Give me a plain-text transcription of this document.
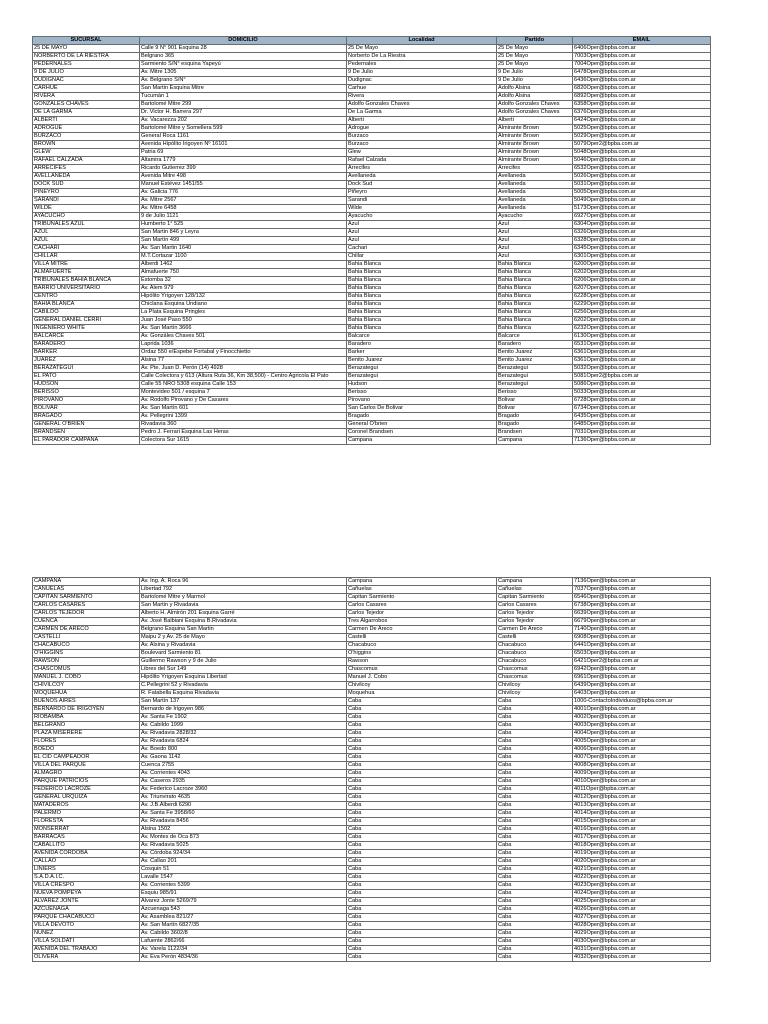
SUCURSAL	DOMICILIO	Localidad	Partido	EMAIL
25 DE MAYO	Calle 9 N° 901 Esquina 28	25 De Mayo	25 De Mayo	6406Oper@bpba.com.ar
NORBERTO DE LA RIESTRA	Belgrano 365	Norberto De La Riestra	25 De Mayo	7003Oper@bpba.com.ar
PEDERNALES	Sarmiento S/N° esquina Yapeyú	Pedernales	25 De Mayo	7004Oper@bpba.com.ar
9 DE JULIO	Av. Mitre 1305	9 De Julio	9 De Julio	6478Oper@bpba.com.ar
DUDIGNAC	Av. Belgrano S/N°	Dudignac	9 De Julio	6436Oper@bpba.com.ar
CARHUE	San Martin Esquina Mitre	Carhue	Adolfo Alsina	6820Oper@bpba.com.ar
RIVERA	Tucumán 1	Rivera	Adolfo Alsina	6892Oper@bpba.com.ar
GONZALES CHAVES	Bartolomé Mitre 299	Adolfo Gonzales Chaves	Adolfo Gonzales Chaves	6358Oper@bpba.com.ar
DE LA GARMA	Dr. Victor H. Barrera 297	De La Garma	Adolfo Gonzales Chaves	6376Oper@bpba.com.ar
ALBERTI	Av. Vacarezza 202	Alberti	Alberti	6424Oper@bpba.com.ar
ADROGUE	Bartolomé Mitre y Somellera 599	Adrogue	Almirante Brown	5025Oper@bpba.com.ar
BURZACO	General Roca 1161	Burzaco	Almirante Brown	5029Oper@bpba.com.ar
BROWN	Avenida Hipólito Irigoyen Nº 16101	Burzaco	Almirante Brown	5079Oper2@bpba.com.ar
GLEW	Patria 69	Glew	Almirante Brown	5048Oper@bpba.com.ar
RAFAEL CALZADA	Altamira 1779	Rafael Calzada	Almirante Brown	5046Oper@bpba.com.ar
ARRECIFES	Ricardo Gutierrez 399	Arrecifes	Arrecifes	6532Oper@bpba.com.ar
AVELLANEDA	Avenida Mitre 498	Avellaneda	Avellaneda	5026Oper@bpba.com.ar
DOCK SUD	Manuel Estévez 1451/55	Dock Sud	Avellaneda	5031Oper@bpba.com.ar
PIÑEYRO	Av. Galicia 776	Piñeyro	Avellaneda	5005Oper@bpba.com.ar
SARANDI	Av. Mitre 2567	Sarandi	Avellaneda	5049Oper@bpba.com.ar
WILDE	Av. Mitre 6458	Wilde	Avellaneda	5173Oper@bpba.com.ar
AYACUCHO	9 de Julio 1121	Ayacucho	Ayacucho	6927Oper@bpba.com.ar
TRIBUNALES AZUL	Humberto 1° 525	Azul	Azul	6304Oper@bpba.com.ar
AZUL	San Martin 846 y Leyra	Azul	Azul	6326Oper@bpba.com.ar
AZUL	San Martín 499	Azul	Azul	6328Oper@bpba.com.ar
CACHARI	Av. San Martin 1640	Cachari	Azul	6345Oper@bpba.com.ar
CHILLAR	M.T.Cortazar 1100	Chillar	Azul	6301Oper@bpba.com.ar
VILLA MITRE	Alberdi 1462	Bahia Blanca	Bahia Blanca	6200Oper@bpba.com.ar
ALMAFUERTE	Almafuerte 750	Bahia Blanca	Bahia Blanca	6202Oper@bpba.com.ar
TRIBUNALES BAHIA BLANCA	Estomba 32	Bahia Blanca	Bahia Blanca	6206Oper@bpba.com.ar
BARRIO UNIVERSITARIO	Av. Alem 979	Bahia Blanca	Bahia Blanca	6207Oper@bpba.com.ar
CENTRO	Hipólito Yrigoyen 128/132	Bahia Blanca	Bahia Blanca	6228Oper@bpba.com.ar
BAHIA BLANCA	Chiclana Esquina Undiano	Bahia Blanca	Bahia Blanca	6229Oper@bpba.com.ar
CABILDO	La Plata Esquina Pringles	Bahia Blanca	Bahia Blanca	6256Oper@bpba.com.ar
GENERAL DANIEL CERRI	Juan José Paso 550	Bahia Blanca	Bahia Blanca	6202Oper@bpba.com.ar
INGENIERO WHITE	Av. San Martín 3666	Bahia Blanca	Bahia Blanca	6232Oper@bpba.com.ar
BALCARCE	Av. Gonzáles Chaves 501	Balcarce	Balcarce	6130Oper@bpba.com.ar
BARADERO	Laprida 1036	Baradero	Baradero	6531Oper@bpba.com.ar
BARKER	Ordaz 550 e/Espebe Fortabal y Finocchietto	Barker	Benito Juarez	6361Oper@bpba.com.ar
JUAREZ	Alsina 77	Benito Juarez	Benito Juarez	6361Oper@bpba.com.ar
BERAZATEGUI	Av. Pte. Juan D. Perón (14) 4928	Berazategui	Berazategui	5032Oper@bpba.com.ar
EL PATO	Calle Colectora y 613 (Altura Ruta 36, Km 38,500) - Centro Agricola El Pato	Berazategui	Berazategui	5081Oper2@bpba.com.ar
HUDSON	Calle 55 NRO 5308 esquina Calle 153	Hudson	Berazategui	5086Oper@bpba.com.ar
BERISSO	Montevideo 501 / esquina 7	Berisso	Berisso	5033Oper@bpba.com.ar
PIROVANO	Av. Rodolfo Pirovano y De Casares	Pirovano	Bolivar	6728Oper@bpba.com.ar
BOLIVAR	Av. San Martín 601	San Carlos De Bolivar	Bolivar	6734Oper@bpba.com.ar
BRAGADO	Av. Pellegrini 1399	Bragado	Bragado	6435Oper@bpba.com.ar
GENERAL O'BRIEN	Rivadavia 360	General O'brien	Bragado	6485Oper@bpba.com.ar
BRANDSEN	Pedro J. Ferrari Esquina Las Heras	Coronel Brandsen	Brandsen	7031Oper@bpba.com.ar
EL PARADOR CAMPANA	Colectora Sur 1615	Campana	Campana	7136Oper@bpba.com.ar
CAMPANA	Av. Ing. A. Roca 96	Campana	Campana	7136Oper@bpba.com.ar
CAÑUELAS	Libertad 792	Cañuelas	Cañuelas	7037Oper@bpba.com.ar
CAPITAN SARMIENTO	Bartolomé Mitre y Marmol	Capitan Sarmiento	Capitan Sarmiento	6546Oper@bpba.com.ar
CARLOS CASARES	San Martin y Rivadavia	Carlos Casares	Carlos Casares	6738Oper@bpba.com.ar
CARLOS TEJEDOR	Alberto H. Almirón 201 Esquina Garré	Carlos Tejedor	Carlos Tejedor	6639Oper@bpba.com.ar
CUENCA	Av. José Balbiani Esquina B.Rivadavia	Tres Algarrobos	Carlos Tejedor	6679Oper@bpba.com.ar
CARMEN DE ARECO	Belgrano Esquina San Martin	Carmen De Areco	Carmen De Areco	7140Oper@bpba.com.ar
CASTELLI	Maipu 2 y Av. 25 de Mayo	Castelli	Castelli	6908Oper@bpba.com.ar
CHACABUCO	Av. Alsina y Rivadavia	Chacabuco	Chacabuco	6441Oper@bpba.com.ar
O'HIGGINS	Boulevard Sarmiento 81	O'higgins	Chacabuco	6503Oper@bpba.com.ar
RAWSON	Guillermo Rawson y 9 de Julio	Rawson	Chacabuco	6421Oper2@bpba.com.ar
CHASCOMUS	Libres del Sur 149	Chascomus	Chascomus	6942Oper@bpba.com.ar
MANUEL J. COBO	Hipólito Yrigoyen Esquina Libertad	Manuel J. Cobo	Chascomus	6961Oper@bpba.com.ar
CHIVILCOY	C.Pellegrini 52 y Rivadavia	Chivilcoy	Chivilcoy	6439Oper@bpba.com.ar
MOQUEHUA	R. Fatabella Esquina Rivadavia	Moquehua	Chivilcoy	6403Oper@bpba.com.ar
BUENOS AIRES	San Martín 137	Caba	Caba	1000-ContactoIndividuos@bpba.com.ar
BERNARDO DE IRIGOYEN	Bernardo de Irigoyen 986	Caba	Caba	4001Oper@bpba.com.ar
RIOBAMBA	Av. Santa Fe 1902	Caba	Caba	4002Oper@bpba.com.ar
BELGRANO	Av. Cabildo 1999	Caba	Caba	4003Oper@bpba.com.ar
PLAZA MISERERE	Av. Rivadavia 2828/32	Caba	Caba	4004Oper@bpba.com.ar
FLORES	Av. Rivadavia 6824	Caba	Caba	4005Oper@bpba.com.ar
BOEDO	Av. Boedo 800	Caba	Caba	4006Oper@bpba.com.ar
EL CID CAMPEADOR	Av. Gaona 1142	Caba	Caba	4007Oper@bpba.com.ar
VILLA DEL PARQUE	Cuenca 2755	Caba	Caba	4008Oper@bpba.com.ar
ALMAGRO	Av. Corrientes 4043	Caba	Caba	4009Oper@bpba.com.ar
PARQUE PATRICIOS	Av. Caseros 2935	Caba	Caba	4010Oper@bpba.com.ar
FEDERICO LACROZE	Av. Federico Lacroze 3960	Caba	Caba	4011Oper@bpba.com.ar
GENERAL URQUIZA	Av. Triunvirato 4635	Caba	Caba	4012Oper@bpba.com.ar
MATADEROS	Av. J.B.Alberdi 6290	Caba	Caba	4013Oper@bpba.com.ar
PALERMO	Av. Santa Fe 3958/60	Caba	Caba	4014Oper@bpba.com.ar
FLORESTA	Av. Rivadavia 8456	Caba	Caba	4015Oper@bpba.com.ar
MONSERRAT	Alsina 1502	Caba	Caba	4016Oper@bpba.com.ar
BARRACAS	Av. Montes de Oca 873	Caba	Caba	4017Oper@bpba.com.ar
CABALLITO	Av. Rivadavia 5025	Caba	Caba	4018Oper@bpba.com.ar
AVENIDA CORDOBA	Av. Córdoba 924/34	Caba	Caba	4019Oper@bpba.com.ar
CALLAO	Av. Callao 201	Caba	Caba	4020Oper@bpba.com.ar
LINIERS	Cosquin 51	Caba	Caba	4021Oper@bpba.com.ar
S.A.D.A.I.C.	Lavalle 1547	Caba	Caba	4022Oper@bpba.com.ar
VILLA CRESPO	Av. Corrientes 5399	Caba	Caba	4023Oper@bpba.com.ar
NUEVA POMPEYA	Esquiu 985/91	Caba	Caba	4024Oper@bpba.com.ar
ALVAREZ JONTE	Alvarez Jonte 5269/79	Caba	Caba	4025Oper@bpba.com.ar
AZCUENAGA	Azcuenaga 543	Caba	Caba	4026Oper@bpba.com.ar
PARQUE CHACABUCO	Av. Asamblea 821/27	Caba	Caba	4027Oper@bpba.com.ar
VILLA DEVOTO	Av. San Martín 6827/35	Caba	Caba	4028Oper@bpba.com.ar
NUÑEZ	Av. Cabildo 3602/8	Caba	Caba	4029Oper@bpba.com.ar
VILLA SOLDATI	Lafuente 2862/66	Caba	Caba	4030Oper@bpba.com.ar
AVENIDA DEL TRABAJO	Av. Varela 1122/34	Caba	Caba	4031Oper@bpba.com.ar
OLIVERA	Av. Eva Perón 4834/36	Caba	Caba	4032Oper@bpba.com.ar
